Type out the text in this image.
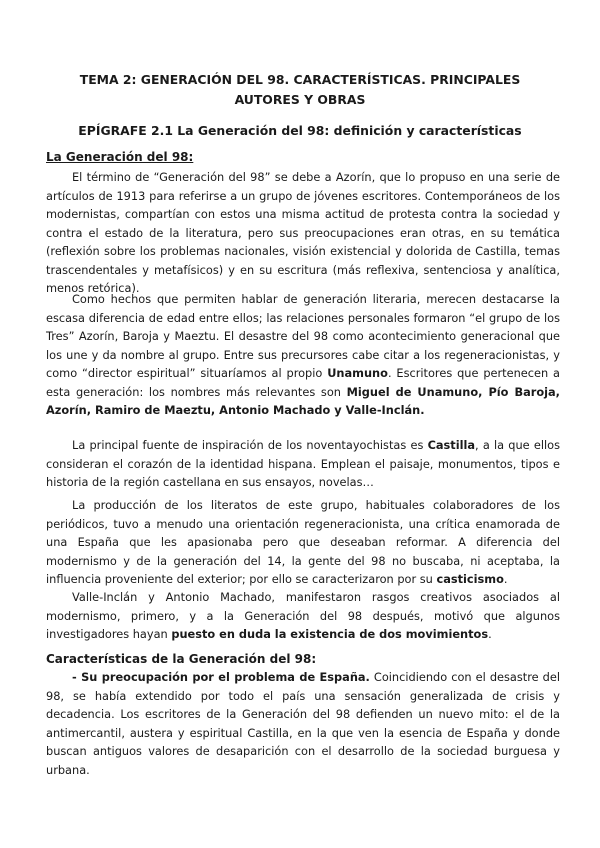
TEMA 2: GENERACIÓN DEL 98. CARACTERÍSTICAS. PRINCIPALES
AUTORES Y OBRAS
EPÍGRAFE 2.1 La Generación del 98: definición y características
La Generación del 98:

El término de “Generación del 98” se debe a Azorín, que lo propuso en una serie de artículos de 1913 para referirse a un grupo de jóvenes escritores. Contemporáneos de los modernistas, compartían con estos una misma actitud de protesta contra la sociedad y contra el estado de la literatura, pero sus preocupaciones eran otras, en su temática (reflexión sobre los problemas nacionales, visión existencial y dolorida de Castilla, temas trascendentales y metafísicos) y en su escritura (más reflexiva, sentenciosa y analítica, menos retórica).

Como hechos que permiten hablar de generación literaria, merecen destacarse la escasa diferencia de edad entre ellos; las relaciones personales formaron “el grupo de los Tres” Azorín, Baroja y Maeztu. El desastre del 98 como acontecimiento generacional que los une y da nombre al grupo. Entre sus precursores cabe citar a los regeneracionistas, y como “director espiritual” situaríamos al propio Unamuno. Escritores que pertenecen a esta generación: los nombres más relevantes son Miguel de Unamuno, Pío Baroja, Azorín, Ramiro de Maeztu, Antonio Machado y Valle-Inclán.

La principal fuente de inspiración de los noventayochistas es Castilla, a la que ellos consideran el corazón de la identidad hispana. Emplean el paisaje, monumentos, tipos e historia de la región castellana en sus ensayos, novelas…

La producción de los literatos de este grupo, habituales colaboradores de los periódicos, tuvo a menudo una orientación regeneracionista, una crítica enamorada de una España que les apasionaba pero que deseaban reformar. A diferencia del modernismo y de la generación del 14, la gente del 98 no buscaba, ni aceptaba, la influencia proveniente del exterior; por ello se caracterizaron por su casticismo.

Valle-Inclán y Antonio Machado, manifestaron rasgos creativos asociados al modernismo, primero, y a la Generación del 98 después, motivó que algunos investigadores hayan puesto en duda la existencia de dos movimientos.

Características de la Generación del 98:

- Su preocupación por el problema de España. Coincidiendo con el desastre del 98, se había extendido por todo el país una sensación generalizada de crisis y decadencia. Los escritores de la Generación del 98 defienden un nuevo mito: el de la antimercantil, austera y espiritual Castilla, en la que ven la esencia de España y donde buscan antiguos valores de desaparición con el desarrollo de la sociedad burguesa y urbana.
